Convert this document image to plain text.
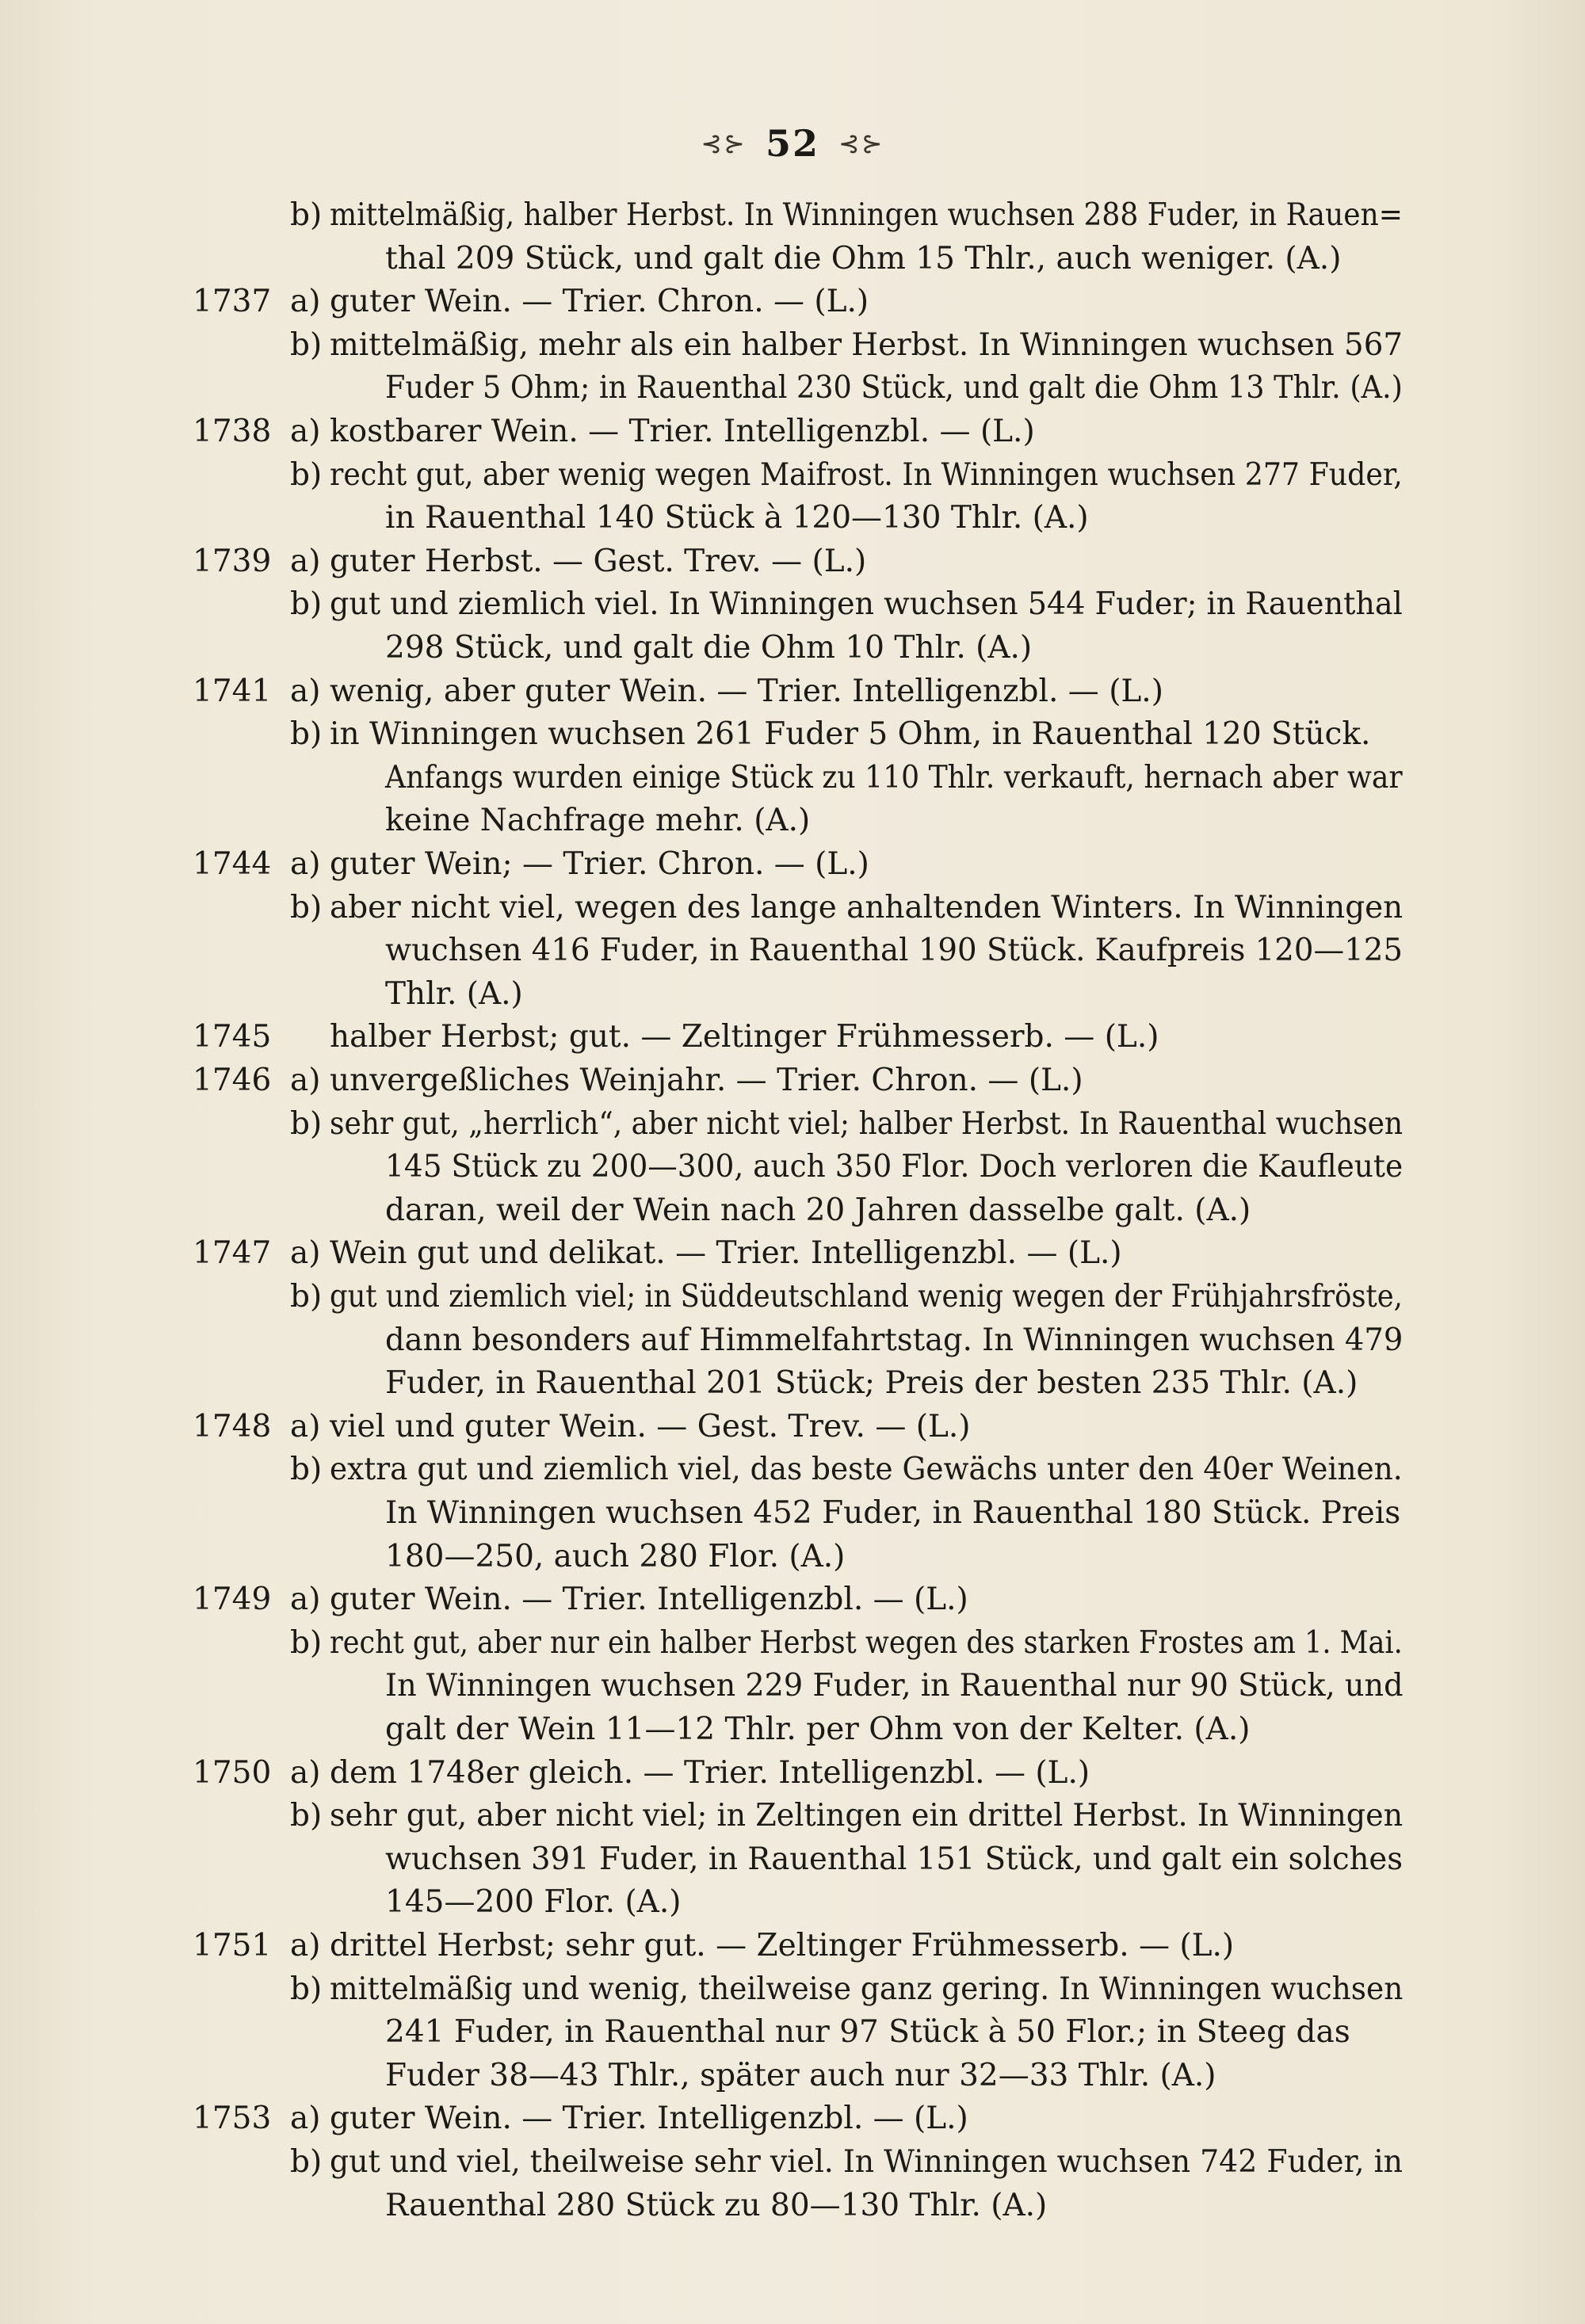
⊰⊱ 52 ⊰⊱
b) mittelmäßig, halber Herbst. In Winningen wuchsen 288 Fuder, in Rauen=
thal 209 Stück, und galt die Ohm 15 Thlr., auch weniger. (A.)
1737 a) guter Wein. — Trier. Chron. — (L.)
b) mittelmäßig, mehr als ein halber Herbst. In Winningen wuchsen 567
Fuder 5 Ohm; in Rauenthal 230 Stück, und galt die Ohm 13 Thlr. (A.)
1738 a) kostbarer Wein. — Trier. Intelligenzbl. — (L.)
b) recht gut, aber wenig wegen Maifrost. In Winningen wuchsen 277 Fuder,
in Rauenthal 140 Stück à 120—130 Thlr. (A.)
1739 a) guter Herbst. — Gest. Trev. — (L.)
b) gut und ziemlich viel. In Winningen wuchsen 544 Fuder; in Rauenthal
298 Stück, und galt die Ohm 10 Thlr. (A.)
1741 a) wenig, aber guter Wein. — Trier. Intelligenzbl. — (L.)
b) in Winningen wuchsen 261 Fuder 5 Ohm, in Rauenthal 120 Stück.
Anfangs wurden einige Stück zu 110 Thlr. verkauft, hernach aber war
keine Nachfrage mehr. (A.)
1744 a) guter Wein; — Trier. Chron. — (L.)
b) aber nicht viel, wegen des lange anhaltenden Winters. In Winningen
wuchsen 416 Fuder, in Rauenthal 190 Stück. Kaufpreis 120—125
Thlr. (A.)
1745 halber Herbst; gut. — Zeltinger Frühmesserb. — (L.)
1746 a) unvergeßliches Weinjahr. — Trier. Chron. — (L.)
b) sehr gut, „herrlich“, aber nicht viel; halber Herbst. In Rauenthal wuchsen
145 Stück zu 200—300, auch 350 Flor. Doch verloren die Kaufleute
daran, weil der Wein nach 20 Jahren dasselbe galt. (A.)
1747 a) Wein gut und delikat. — Trier. Intelligenzbl. — (L.)
b) gut und ziemlich viel; in Süddeutschland wenig wegen der Frühjahrsfröste,
dann besonders auf Himmelfahrtstag. In Winningen wuchsen 479
Fuder, in Rauenthal 201 Stück; Preis der besten 235 Thlr. (A.)
1748 a) viel und guter Wein. — Gest. Trev. — (L.)
b) extra gut und ziemlich viel, das beste Gewächs unter den 40er Weinen.
In Winningen wuchsen 452 Fuder, in Rauenthal 180 Stück. Preis
180—250, auch 280 Flor. (A.)
1749 a) guter Wein. — Trier. Intelligenzbl. — (L.)
b) recht gut, aber nur ein halber Herbst wegen des starken Frostes am 1. Mai.
In Winningen wuchsen 229 Fuder, in Rauenthal nur 90 Stück, und
galt der Wein 11—12 Thlr. per Ohm von der Kelter. (A.)
1750 a) dem 1748er gleich. — Trier. Intelligenzbl. — (L.)
b) sehr gut, aber nicht viel; in Zeltingen ein drittel Herbst. In Winningen
wuchsen 391 Fuder, in Rauenthal 151 Stück, und galt ein solches
145—200 Flor. (A.)
1751 a) drittel Herbst; sehr gut. — Zeltinger Frühmesserb. — (L.)
b) mittelmäßig und wenig, theilweise ganz gering. In Winningen wuchsen
241 Fuder, in Rauenthal nur 97 Stück à 50 Flor.; in Steeg das
Fuder 38—43 Thlr., später auch nur 32—33 Thlr. (A.)
1753 a) guter Wein. — Trier. Intelligenzbl. — (L.)
b) gut und viel, theilweise sehr viel. In Winningen wuchsen 742 Fuder, in
Rauenthal 280 Stück zu 80—130 Thlr. (A.)
